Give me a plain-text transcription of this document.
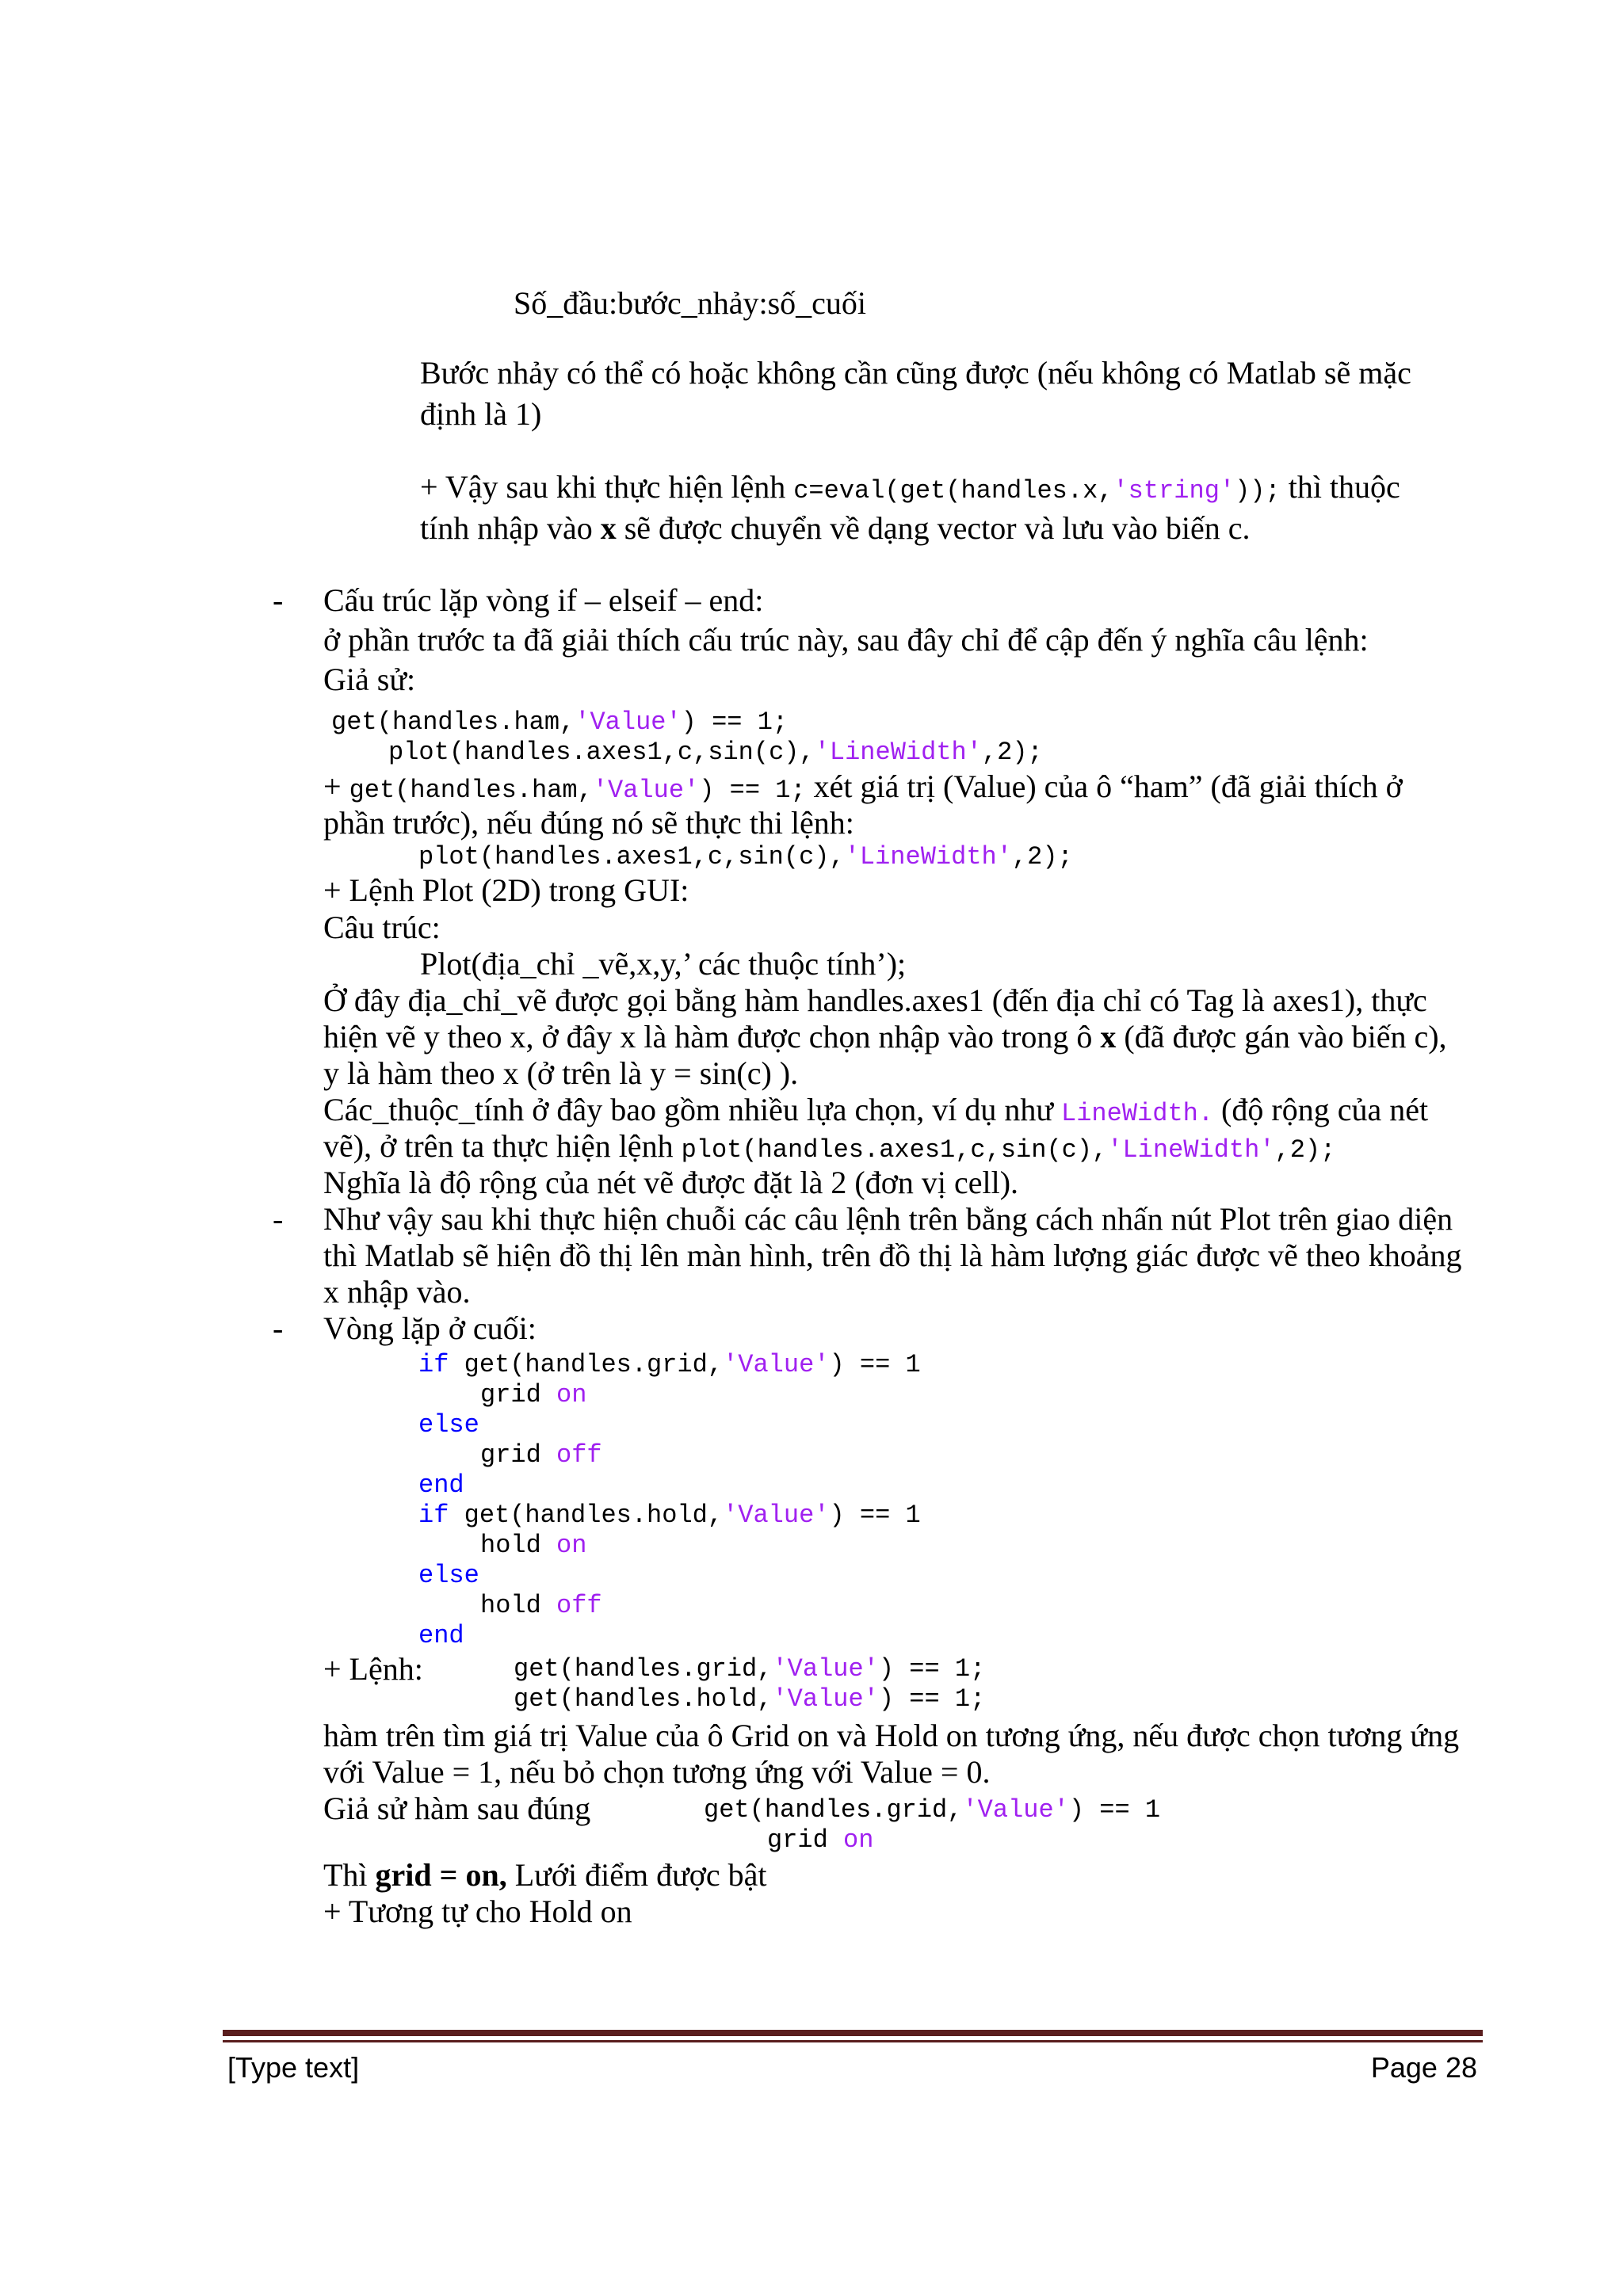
Số_đầu:bước_nhảy:số_cuối
Bước nhảy có thể có hoặc không cần cũng được (nếu không có Matlab sẽ mặc
định là 1)
+ Vậy sau khi thực hiện lệnh c=eval(get(handles.x,'string')); thì thuộc
tính nhập vào x sẽ được chuyển về dạng vector và lưu vào biến c.
- Cấu trúc lặp vòng if – elseif – end:
ở phần trước ta đã giải thích cấu trúc này, sau đây chỉ để cập đến ý nghĩa câu lệnh:
Giả sử:
get(handles.ham,'Value') == 1;
plot(handles.axes1,c,sin(c),'LineWidth',2);
+ get(handles.ham,'Value') == 1; xét giá trị (Value) của ô “ham” (đã giải thích ở
phần trước), nếu đúng nó sẽ thực thi lệnh:
plot(handles.axes1,c,sin(c),'LineWidth',2);
+ Lệnh Plot (2D) trong GUI:
Câu trúc:
Plot(địa_chỉ _vẽ,x,y,’ các thuộc tính’);
Ở đây địa_chỉ_vẽ được gọi bằng hàm handles.axes1 (đến địa chỉ có Tag là axes1), thực
hiện vẽ y theo x, ở đây x là hàm được chọn nhập vào trong ô x (đã được gán vào biến c),
y là hàm theo x (ở trên là y = sin(c) ).
Các_thuộc_tính ở đây bao gồm nhiều lựa chọn, ví dụ như LineWidth. (độ rộng của nét
vẽ), ở trên ta thực hiện lệnh plot(handles.axes1,c,sin(c),'LineWidth',2);
Nghĩa là độ rộng của nét vẽ được đặt là 2 (đơn vị cell).
- Như vậy sau khi thực hiện chuỗi các câu lệnh trên bằng cách nhấn nút Plot trên giao diện
thì Matlab sẽ hiện đồ thị lên màn hình, trên đồ thị là hàm lượng giác được vẽ theo khoảng
x nhập vào.
- Vòng lặp ở cuối:
if get(handles.grid,'Value') == 1
grid on
else
grid off
end
if get(handles.hold,'Value') == 1
hold on
else
hold off
end
+ Lệnh:	get(handles.grid,'Value') == 1;
get(handles.hold,'Value') == 1;
hàm trên tìm giá trị Value của ô Grid on và Hold on tương ứng, nếu được chọn tương ứng
với Value = 1, nếu bỏ chọn tương ứng với Value = 0.
Giả sử hàm sau đúng	get(handles.grid,'Value') == 1
grid on
Thì grid = on, Lưới điểm được bật
+ Tương tự cho Hold on
[Type text]	Page 28
